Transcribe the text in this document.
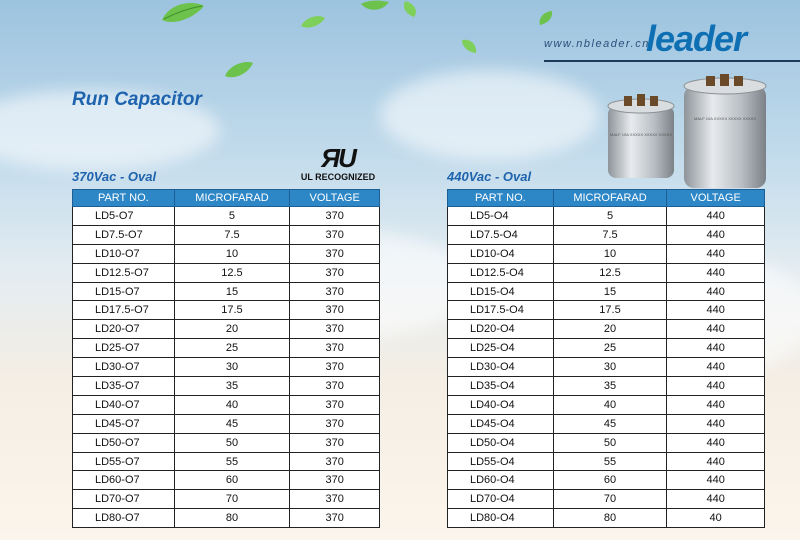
www.nbleader.cn
leader
Run Capacitor
ЯU
UL RECOGNIZED
MALF 10A XXXXX XXXXX XXXXX
MALF 10A XXXXX XXXXX XXXXX
370Vac - Oval	440Vac - Oval
PART NO.	MICROFARAD	VOLTAGE
LD5-O7	5	370
LD7.5-O7	7.5	370
LD10-O7	10	370
LD12.5-O7	12.5	370
LD15-O7	15	370
LD17.5-O7	17.5	370
LD20-O7	20	370
LD25-O7	25	370
LD30-O7	30	370
LD35-O7	35	370
LD40-O7	40	370
LD45-O7	45	370
LD50-O7	50	370
LD55-O7	55	370
LD60-O7	60	370
LD70-O7	70	370
LD80-O7	80	370
PART NO.	MICROFARAD	VOLTAGE
LD5-O4	5	440
LD7.5-O4	7.5	440
LD10-O4	10	440
LD12.5-O4	12.5	440
LD15-O4	15	440
LD17.5-O4	17.5	440
LD20-O4	20	440
LD25-O4	25	440
LD30-O4	30	440
LD35-O4	35	440
LD40-O4	40	440
LD45-O4	45	440
LD50-O4	50	440
LD55-O4	55	440
LD60-O4	60	440
LD70-O4	70	440
LD80-O4	80	40
